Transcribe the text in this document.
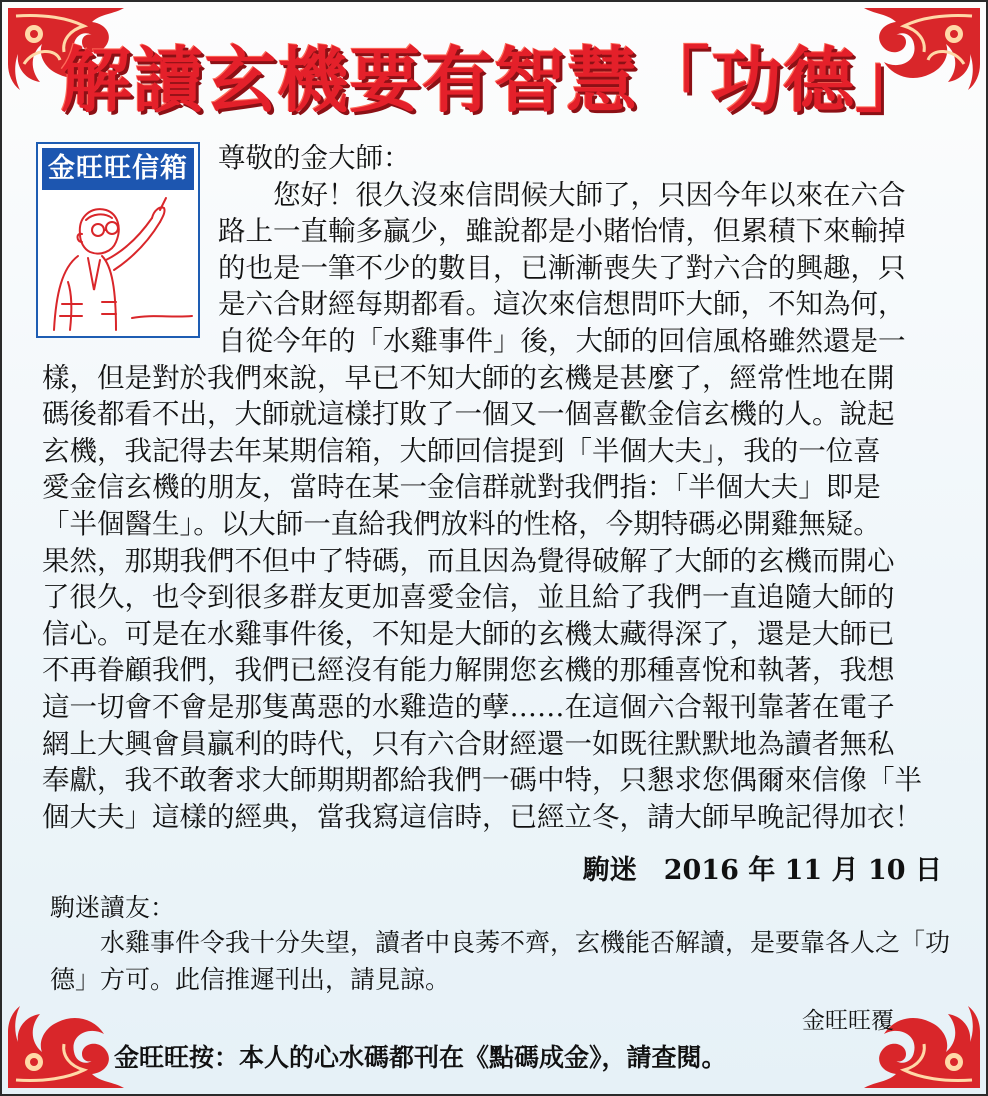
解讀玄機要有智慧「功德」
金旺旺信箱	尊敬的金大師：
您好！很久沒來信問候大師了，只因今年以來在六合
路上一直輸多贏少，雖說都是小賭怡情，但累積下來輸掉
的也是一筆不少的數目，已漸漸喪失了對六合的興趣，只
是六合財經每期都看。這次來信想問吓大師，不知為何，
自從今年的「水雞事件」後，大師的回信風格雖然還是一
樣，但是對於我們來說，早已不知大師的玄機是甚麼了，經常性地在開
碼後都看不出，大師就這樣打敗了一個又一個喜歡金信玄機的人。說起
玄機，我記得去年某期信箱，大師回信提到「半個大夫」，我的一位喜
愛金信玄機的朋友，當時在某一金信群就對我們指：「半個大夫」即是
「半個醫生」。以大師一直給我們放料的性格，今期特碼必開雞無疑。
果然，那期我們不但中了特碼，而且因為覺得破解了大師的玄機而開心
了很久，也令到很多群友更加喜愛金信，並且給了我們一直追隨大師的
信心。可是在水雞事件後，不知是大師的玄機太藏得深了，還是大師已
不再眷顧我們，我們已經沒有能力解開您玄機的那種喜悅和執著，我想
這一切會不會是那隻萬惡的水雞造的孽……在這個六合報刊靠著在電子
網上大興會員贏利的時代，只有六合財經還一如既往默默地為讀者無私
奉獻，我不敢奢求大師期期都給我們一碼中特，只懇求您偶爾來信像「半
個大夫」這樣的經典，當我寫這信時，已經立冬，請大師早晚記得加衣！
駒迷　2016 年 11 月 10 日
駒迷讀友：
水雞事件令我十分失望，讀者中良莠不齊，玄機能否解讀，是要靠各人之「功德」方可。此信推遲刊出，請見諒。
金旺旺覆
金旺旺按：本人的心水碼都刊在《點碼成金》，請查閱。
